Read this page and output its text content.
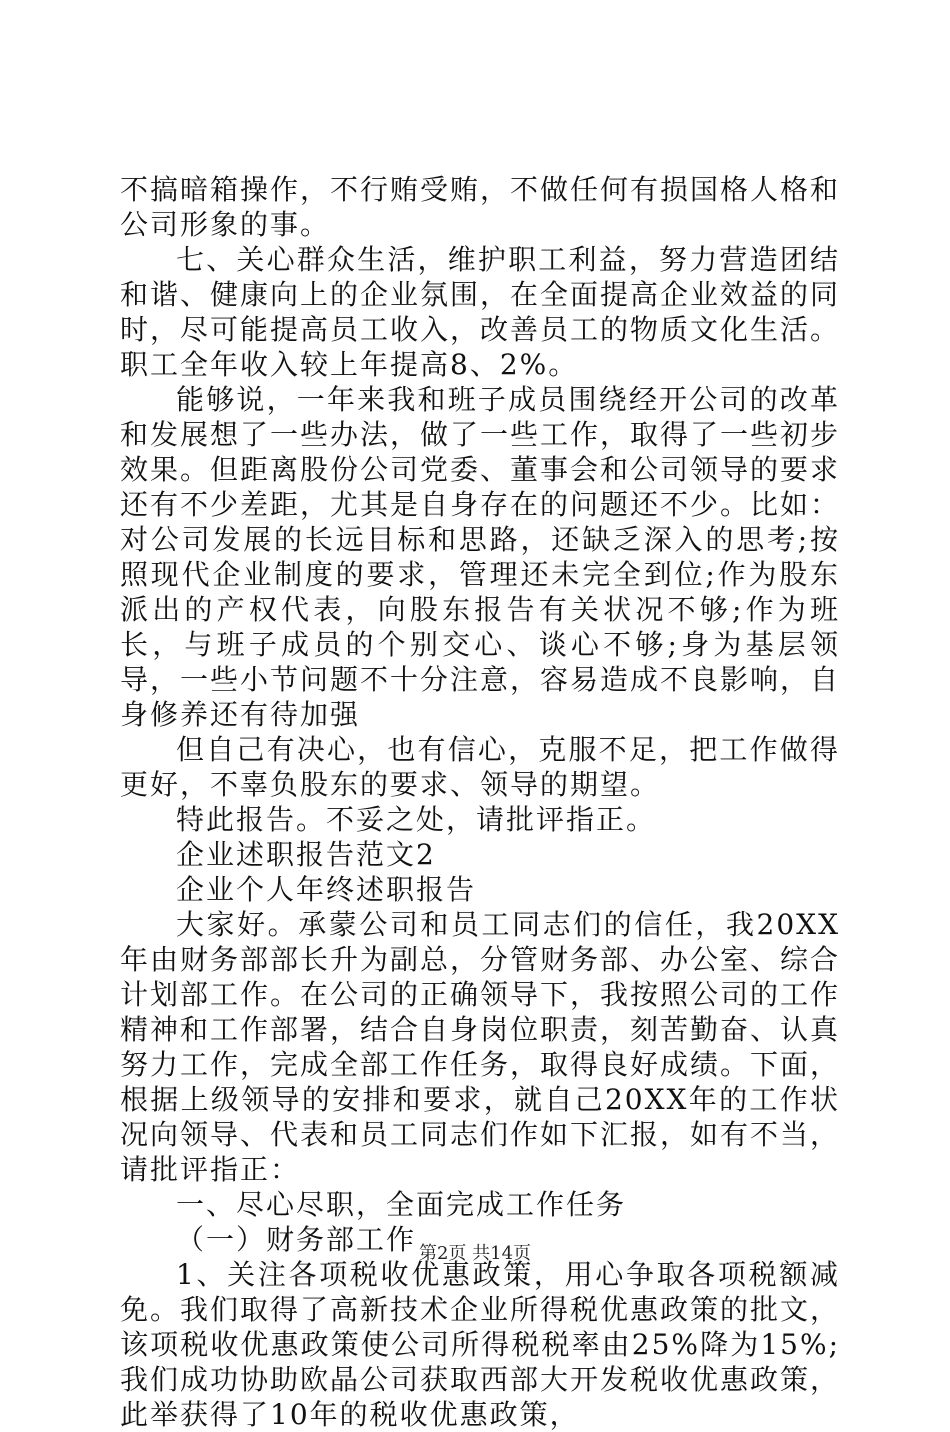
不搞暗箱操作，不行贿受贿，不做任何有损国格人格和公司形象的事。

七、关心群众生活，维护职工利益，努力营造团结和谐、健康向上的企业氛围，在全面提高企业效益的同时，尽可能提高员工收入，改善员工的物质文化生活。职工全年收入较上年提高8、2%。

能够说，一年来我和班子成员围绕经开公司的改革和发展想了一些办法，做了一些工作，取得了一些初步效果。但距离股份公司党委、董事会和公司领导的要求还有不少差距，尤其是自身存在的问题还不少。比如：对公司发展的长远目标和思路，还缺乏深入的思考;按照现代企业制度的要求，管理还未完全到位;作为股东派出的产权代表，向股东报告有关状况不够;作为班长，与班子成员的个别交心、谈心不够;身为基层领导，一些小节问题不十分注意，容易造成不良影响，自身修养还有待加强

但自己有决心，也有信心，克服不足，把工作做得更好，不辜负股东的要求、领导的期望。

特此报告。不妥之处，请批评指正。

企业述职报告范文2

企业个人年终述职报告

大家好。承蒙公司和员工同志们的信任，我20XX年由财务部部长升为副总，分管财务部、办公室、综合计划部工作。在公司的正确领导下，我按照公司的工作精神和工作部署，结合自身岗位职责，刻苦勤奋、认真努力工作，完成全部工作任务，取得良好成绩。下面，根据上级领导的安排和要求，就自己20XX年的工作状况向领导、代表和员工同志们作如下汇报，如有不当，请批评指正：

一、尽心尽职，全面完成工作任务

（一）财务部工作

1、关注各项税收优惠政策，用心争取各项税额减免。我们取得了高新技术企业所得税优惠政策的批文，该项税收优惠政策使公司所得税税率由25%降为15%;我们成功协助欧晶公司获取西部大开发税收优惠政策，此举获得了10年的税收优惠政策，

第2页 共14页
